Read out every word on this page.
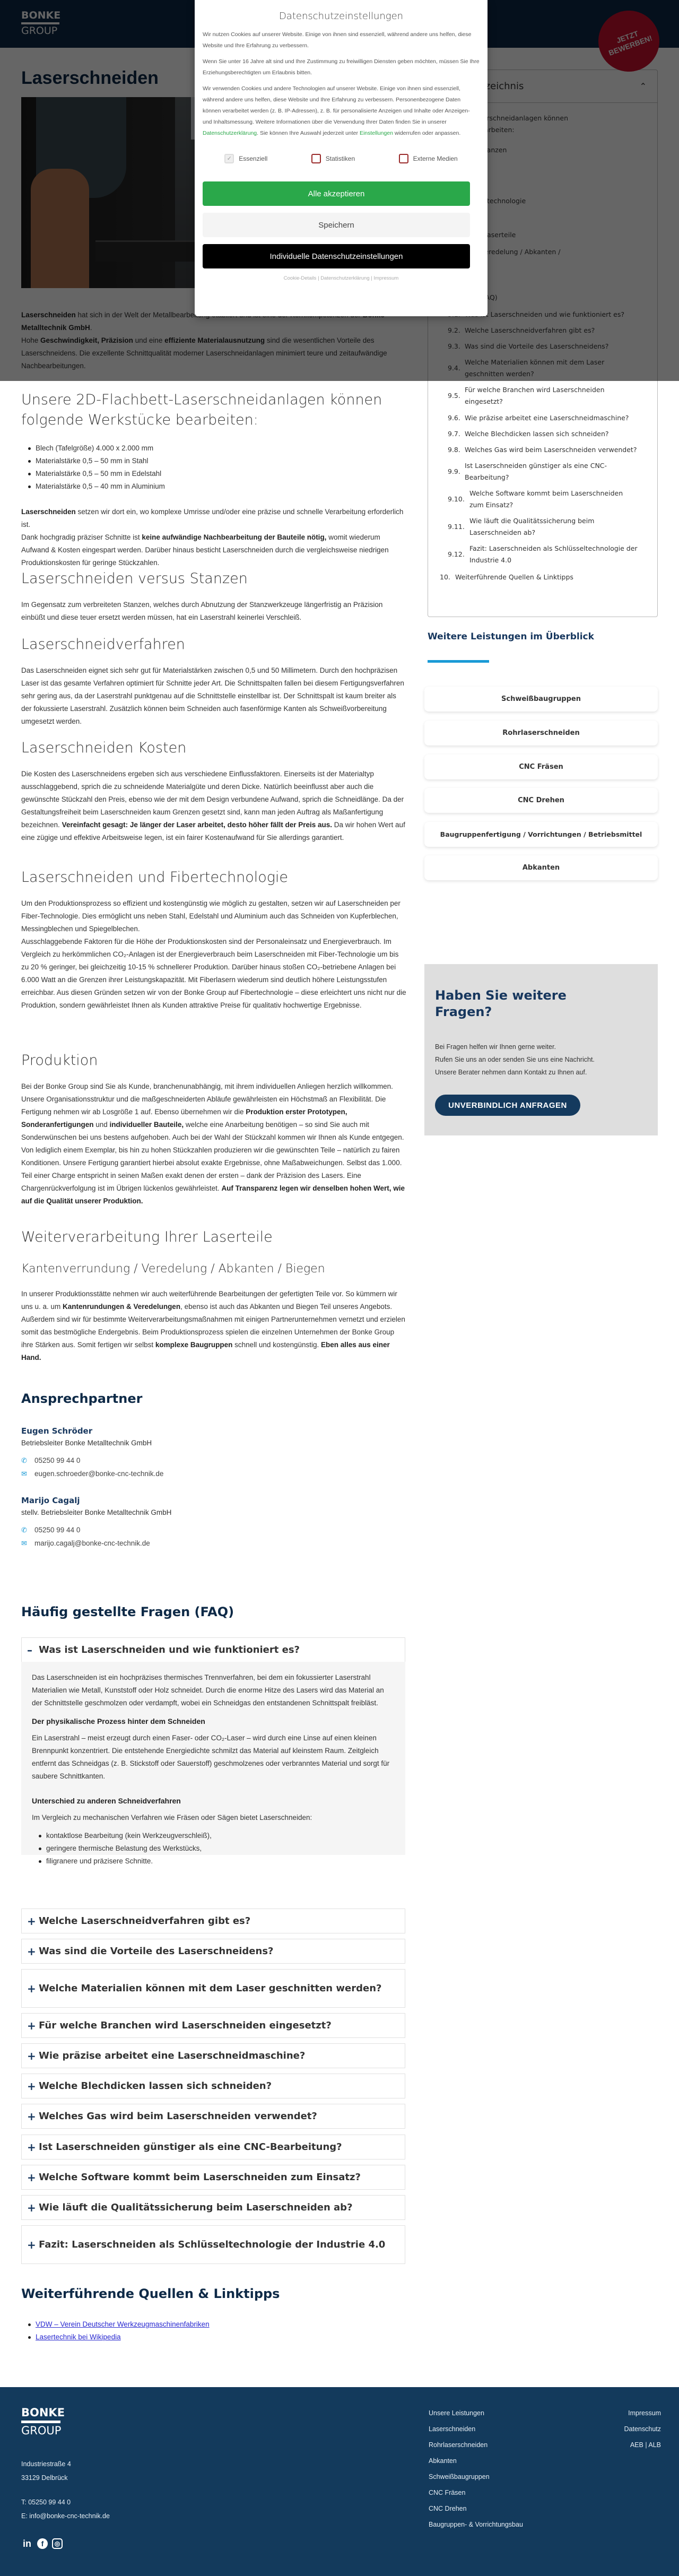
Unsere 2D-Flachbett-Laserschneidanlagen können folgende Werkstücke bearbeiten:
Blech (Tafelgröße) 4.000 x 2.000 mm
Materialstärke 0,5 – 50 mm in Stahl
Materialstärke 0,5 – 50 mm in Edelstahl
Materialstärke 0,5 – 40 mm in Aluminium

Laserschneiden setzen wir dort ein, wo komplexe Umrisse und/oder eine präzise und schnelle Verarbeitung erforderlich ist.

Dank hochgradig präziser Schnitte ist keine aufwändige Nachbearbeitung der Bauteile nötig, womit wiederum Aufwand & Kosten eingespart werden. Darüber hinaus besticht Laserschneiden durch die vergleichsweise niedrigen Produktionskosten für geringe Stückzahlen.

Laserschneiden versus Stanzen

Im Gegensatz zum verbreiteten Stanzen, welches durch Abnutzung der Stanzwerkzeuge längerfristig an Präzision einbüßt und diese teuer ersetzt werden müssen, hat ein Laserstrahl keinerlei Verschleiß.

Laserschneidverfahren

Das Laserschneiden eignet sich sehr gut für Materialstärken zwischen 0,5 und 50 Millimetern. Durch den hochpräzisen Laser ist das gesamte Verfahren optimiert für Schnitte jeder Art. Die Schnittspalten fallen bei diesem Fertigungsverfahren sehr gering aus, da der Laserstrahl punktgenau auf die Schnittstelle einstellbar ist. Der Schnittspalt ist kaum breiter als der fokussierte Laserstrahl. Zusätzlich können beim Schneiden auch fasenförmige Kanten als Schweißvorbereitung umgesetzt werden.

Laserschneiden Kosten

Die Kosten des Laserschneidens ergeben sich aus verschiedene Einflussfaktoren. Einerseits ist der Materialtyp ausschlaggebend, sprich die zu schneidende Materialgüte und deren Dicke. Natürlich beeinflusst aber auch die gewünschte Stückzahl den Preis, ebenso wie der mit dem Design verbundene Aufwand, sprich die Schneidlänge. Da der Gestaltungsfreiheit beim Laserschneiden kaum Grenzen gesetzt sind, kann man jeden Auftrag als Maßanfertigung bezeichnen. Vereinfacht gesagt: Je länger der Laser arbeitet, desto höher fällt der Preis aus. Da wir hohen Wert auf eine zügige und effektive Arbeitsweise legen, ist ein fairer Kostenaufwand für Sie allerdings garantiert.

Laserschneiden und Fibertechnologie

Um den Produktionsprozess so effizient und kostengünstig wie möglich zu gestalten, setzen wir auf Laserschneiden per Fiber-Technologie. Dies ermöglicht uns neben Stahl, Edelstahl und Aluminium auch das Schneiden von Kupferblechen, Messingblechen und Spiegelblechen.

Ausschlaggebende Faktoren für die Höhe der Produktionskosten sind der Personaleinsatz und Energieverbrauch. Im Vergleich zu herkömmlichen CO₂-Anlagen ist der Energieverbrauch beim Laserschneiden mit Fiber-Technologie um bis zu 20 % geringer, bei gleichzeitig 10-15 % schnellerer Produktion. Darüber hinaus stoßen CO₂-betriebene Anlagen bei 6.000 Watt an die Grenzen ihrer Leistungskapazität. Mit Fiberlasern wiederum sind deutlich höhere Leistungsstufen erreichbar. Aus diesen Gründen setzen wir von der Bonke Group auf Fibertechnologie – diese erleichtert uns nicht nur die Produktion, sondern gewährleistet Ihnen als Kunden attraktive Preise für qualitativ hochwertige Ergebnisse.

Produktion

Bei der Bonke Group sind Sie als Kunde, branchenunabhängig, mit ihrem individuellen Anliegen herzlich willkommen. Unsere Organisationsstruktur und die maßgeschneiderten Abläufe gewährleisten ein Höchstmaß an Flexibilität. Die Fertigung nehmen wir ab Losgröße 1 auf. Ebenso übernehmen wir die Produktion erster Prototypen, Sonderanfertigungen und individueller Bauteile, welche eine Anarbeitung benötigen – so sind Sie auch mit Sonderwünschen bei uns bestens aufgehoben. Auch bei der Wahl der Stückzahl kommen wir Ihnen als Kunde entgegen. Von lediglich einem Exemplar, bis hin zu hohen Stückzahlen produzieren wir die gewünschten Teile – natürlich zu fairen Konditionen. Unsere Fertigung garantiert hierbei absolut exakte Ergebnisse, ohne Maßabweichungen. Selbst das 1.000. Teil einer Charge entspricht in seinen Maßen exakt denen der ersten – dank der Präzision des Lasers. Eine Chargenrückverfolgung ist im Übrigen lückenlos gewährleistet. Auf Transparenz legen wir denselben hohen Wert, wie auf die Qualität unserer Produktion.

Weiterverarbeitung Ihrer Laserteile
Kantenverrundung / Veredelung / Abkanten / Biegen

In unserer Produktionsstätte nehmen wir auch weiterführende Bearbeitungen der gefertigten Teile vor. So kümmern wir uns u. a. um Kantenrundungen & Veredelungen, ebenso ist auch das Abkanten und Biegen Teil unseres Angebots. Außerdem sind wir für bestimmte Weiterverarbeitungsmaßnahmen mit einigen Partnerunternehmen vernetzt und erzielen somit das bestmögliche Endergebnis. Beim Produktionsprozess spielen die einzelnen Unternehmen der Bonke Group ihre Stärken aus. Somit fertigen wir selbst komplexe Baugruppen schnell und kostengünstig. Eben alles aus einer Hand.

Ansprechpartner
Eugen Schröder
Betriebsleiter Bonke Metalltechnik GmbH
✆ 05250 99 44 0
✉ eugen.schroeder@bonke-cnc-technik.de
Marijo Cagalj
stellv. Betriebsleiter Bonke Metalltechnik GmbH
✆ 05250 99 44 0
✉ marijo.cagalj@bonke-cnc-technik.de
Häufig gestellte Fragen (FAQ)
– Was ist Laserschneiden und wie funktioniert es?

Das Laserschneiden ist ein hochpräzises thermisches Trennverfahren, bei dem ein fokussierter Laserstrahl Materialien wie Metall, Kunststoff oder Holz schneidet. Durch die enorme Hitze des Lasers wird das Material an der Schnittstelle geschmolzen oder verdampft, wobei ein Schneidgas den entstandenen Schnittspalt freibläst.

Der physikalische Prozess hinter dem Schneiden

Ein Laserstrahl – meist erzeugt durch einen Faser- oder CO₂-Laser – wird durch eine Linse auf einen kleinen Brennpunkt konzentriert. Die entstehende Energiedichte schmilzt das Material auf kleinstem Raum. Zeitgleich entfernt das Schneidgas (z. B. Stickstoff oder Sauerstoff) geschmolzenes oder verbranntes Material und sorgt für saubere Schnittkanten.

Unterschied zu anderen Schneidverfahren

Im Vergleich zu mechanischen Verfahren wie Fräsen oder Sägen bietet Laserschneiden:

kontaktlose Bearbeitung (kein Werkzeugverschleiß),
geringere thermische Belastung des Werkstücks,
filigranere und präzisere Schnitte.
+ Welche Laserschneidverfahren gibt es?
+ Was sind die Vorteile des Laserschneidens?
+ Welche Materialien können mit dem Laser geschnitten werden?
+ Für welche Branchen wird Laserschneiden eingesetzt?
+ Wie präzise arbeitet eine Laserschneidmaschine?
+ Welche Blechdicken lassen sich schneiden?
+ Welches Gas wird beim Laserschneiden verwendet?
+ Ist Laserschneiden günstiger als eine CNC-Bearbeitung?
+ Welche Software kommt beim Laserschneiden zum Einsatz?
+ Wie läuft die Qualitätssicherung beim Laserschneiden ab?
+ Fazit: Laserschneiden als Schlüsseltechnologie der Industrie 4.0
Weiterführende Quellen & Linktipps
VDW – Verein Deutscher Werkzeugmaschinenfabriken
Lasertechnik bei Wikipedia

9.5.
Für welche Branchen wird Laserschneiden eingesetzt?
9.6. Wie präzise arbeitet eine Laserschneidmaschine?
9.7. Welche Blechdicken lassen sich schneiden?
9.8. Welches Gas wird beim Laserschneiden verwendet?
9.9.
Ist Laserschneiden günstiger als eine CNC-Bearbeitung?
9.10.
Welche Software kommt beim Laserschneiden zum Einsatz?
9.11.
Wie läuft die Qualitätssicherung beim Laserschneiden ab?
9.12.
Fazit: Laserschneiden als Schlüsseltechnologie der Industrie 4.0
10. Weiterführende Quellen & Linktipps
Weitere Leistungen im Überblick
Schweißbaugruppen
Rohrlaserschneiden
CNC Fräsen
CNC Drehen
Baugruppenfertigung / Vorrichtungen / Betriebsmittel
Abkanten
Haben Sie weitere Fragen?

Bei Fragen helfen wir Ihnen gerne weiter.
Rufen Sie uns an oder senden Sie uns eine Nachricht.
Unsere Berater nehmen dann Kontakt zu Ihnen auf.

UNVERBINDLICH ANFRAGEN
BONKE
GROUP
Industriestraße 4
33129 Delbrück
T: 05250 99 44 0
E: info@bonke-cnc-technik.de
Unsere Leistungen
Laserschneiden
Rohrlaserschneiden
Abkanten
Schweißbaugruppen
CNC Fräsen
CNC Drehen
Baugruppen- & Vorrichtungsbau
Impressum
Datenschutz
AEB | ALB
in	f	◎
Datenschutzeinstellungen

Wir nutzen Cookies auf unserer Website. Einige von ihnen sind essenziell, während andere uns helfen, diese Website und Ihre Erfahrung zu verbessern.

Wenn Sie unter 16 Jahre alt sind und Ihre Zustimmung zu freiwilligen Diensten geben möchten, müssen Sie Ihre Erziehungsberechtigten um Erlaubnis bitten.

Wir verwenden Cookies und andere Technologien auf unserer Website. Einige von ihnen sind essenziell, während andere uns helfen, diese Website und Ihre Erfahrung zu verbessern. Personenbezogene Daten können verarbeitet werden (z. B. IP-Adressen), z. B. für personalisierte Anzeigen und Inhalte oder Anzeigen- und Inhaltsmessung. Weitere Informationen über die Verwendung Ihrer Daten finden Sie in unserer Datenschutzerklärung. Sie können Ihre Auswahl jederzeit unter Einstellungen widerrufen oder anpassen.

✓	Essenziell	Statistiken	Externe Medien
Alle akzeptieren
Speichern
Individuelle Datenschutzeinstellungen
Cookie-Details | Datenschutzerklärung | Impressum
